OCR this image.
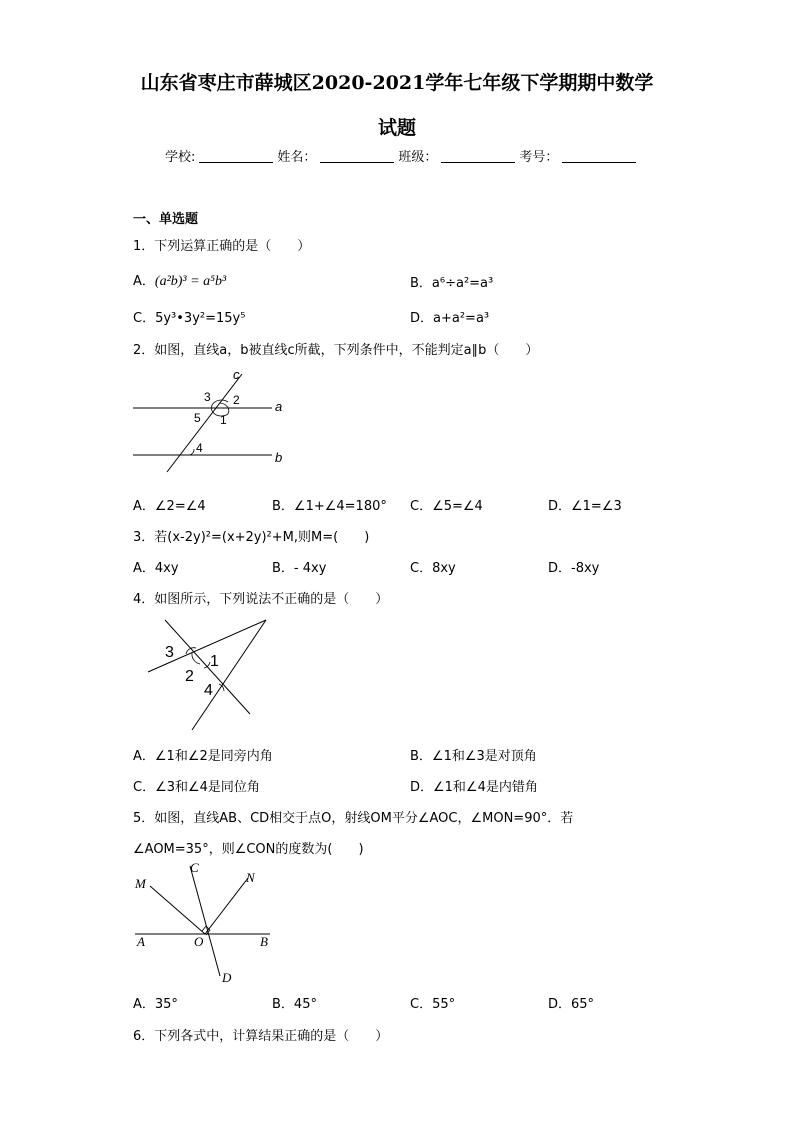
山东省枣庄市薛城区2020-2021学年七年级下学期期中数学
试题
学校:	姓名：	班级：	考号：
一、单选题
1．下列运算正确的是（　　）
A．(a²b)³ = a⁵b³	B．a⁶÷a²=a³
C．5y³•3y²=15y⁵	D．a+a²=a³
2．如图，直线a，b被直线c所截，下列条件中，不能判定a∥b（　　）
c
a
b
3 2
5 1
4
A．∠2=∠4	B．∠1+∠4=180° C．∠5=∠4	D．∠1=∠3
3．若(x-2y)²=(x+2y)²+M,则M=(　　)
A．4xy	B．- 4xy	C．8xy	D．-8xy
4．如图所示，下列说法不正确的是（　　）
3
1
2
4
A．∠1和∠2是同旁内角	B．∠1和∠3是对顶角
C．∠3和∠4是同位角	D．∠1和∠4是内错角
5．如图，直线AB、CD相交于点O，射线OM平分∠AOC，∠MON=90°．若
∠AOM=35°，则∠CON的度数为(　　)
M
C
N
A	O	B
D
A．35°	B．45°	C．55°	D．65°
6．下列各式中，计算结果正确的是（　　）
